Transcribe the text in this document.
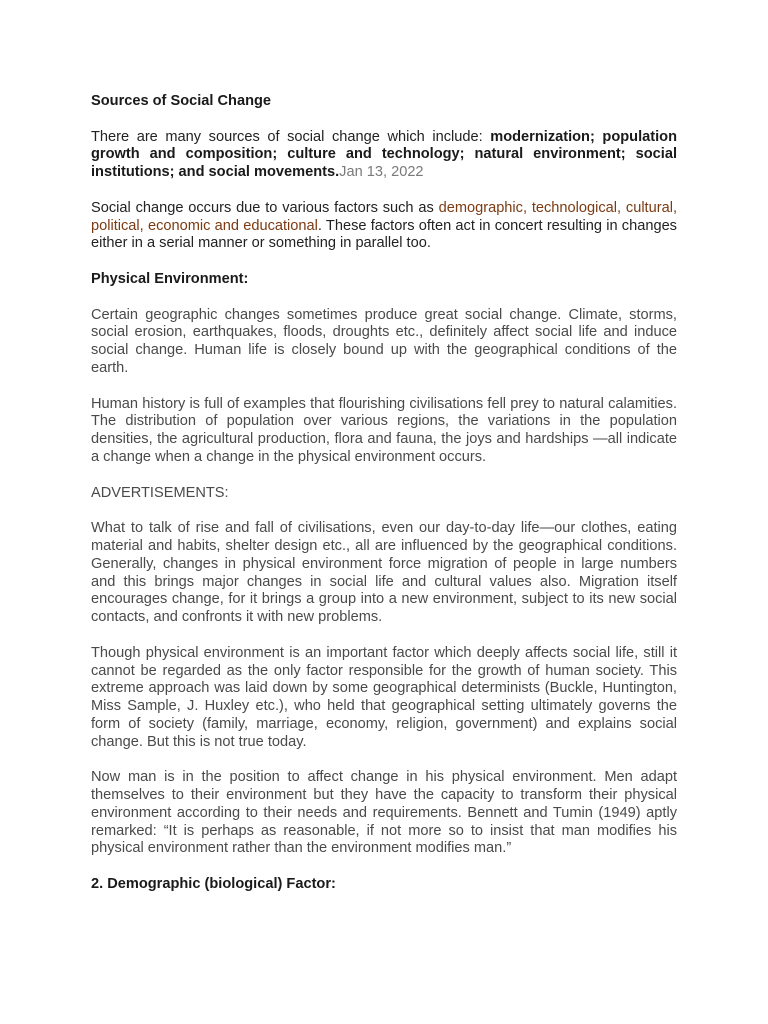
Sources of Social Change

There are many sources of social change which include: modernization; population growth and composition; culture and technology; natural environment; social institutions; and social movements.Jan 13, 2022

Social change occurs due to various factors such as demographic, technological, cultural, political, economic and educational. These factors often act in concert resulting in changes either in a serial manner or something in parallel too.

Physical Environment:

Certain geographic changes sometimes produce great social change. Climate, storms, social erosion, earthquakes, floods, droughts etc., definitely affect social life and induce social change. Human life is closely bound up with the geographical conditions of the earth.

Human history is full of examples that flourishing civilisations fell prey to natural calamities. The distribution of population over various regions, the variations in the population densities, the agricultural production, flora and fauna, the joys and hardships —all indicate a change when a change in the physical environment occurs.

ADVERTISEMENTS:

What to talk of rise and fall of civilisations, even our day-to-day life—our clothes, eating material and habits, shelter design etc., all are influenced by the geographical conditions. Generally, changes in physical environment force migration of people in large numbers and this brings major changes in social life and cultural values also. Migration itself encourages change, for it brings a group into a new environment, subject to its new social contacts, and confronts it with new problems.

Though physical environment is an important factor which deeply affects social life, still it cannot be regarded as the only factor responsible for the growth of human society. This extreme approach was laid down by some geographical determinists (Buckle, Huntington, Miss Sample, J. Huxley etc.), who held that geographical setting ultimately governs the form of society (family, marriage, economy, religion, government) and explains social change. But this is not true today.

Now man is in the position to affect change in his physical environment. Men adapt themselves to their environment but they have the capacity to transform their physical environment according to their needs and requirements. Bennett and Tumin (1949) aptly remarked: “It is perhaps as reasonable, if not more so to insist that man modifies his physical environment rather than the environment modifies man.”

2. Demographic (biological) Factor:
